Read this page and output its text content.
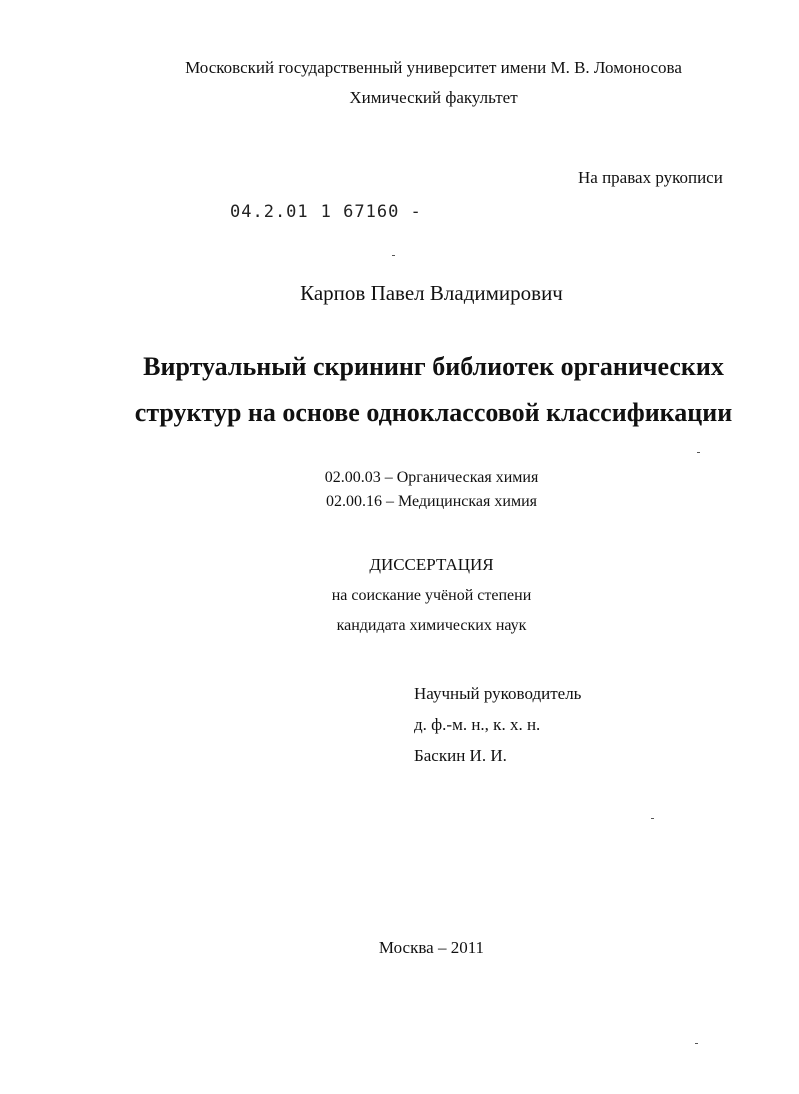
Московский государственный университет имени М. В. Ломоносова
Химический факультет
На правах рукописи
04.2.01 1 67160 -
Карпов Павел Владимирович
Виртуальный скрининг библиотек органических
структур на основе одноклассовой классификации
02.00.03 – Органическая химия
02.00.16 – Медицинская химия
ДИССЕРТАЦИЯ
на соискание учёной степени
кандидата химических наук
Научный руководитель
д. ф.-м. н., к. х. н.
Баскин И. И.
Москва – 2011
